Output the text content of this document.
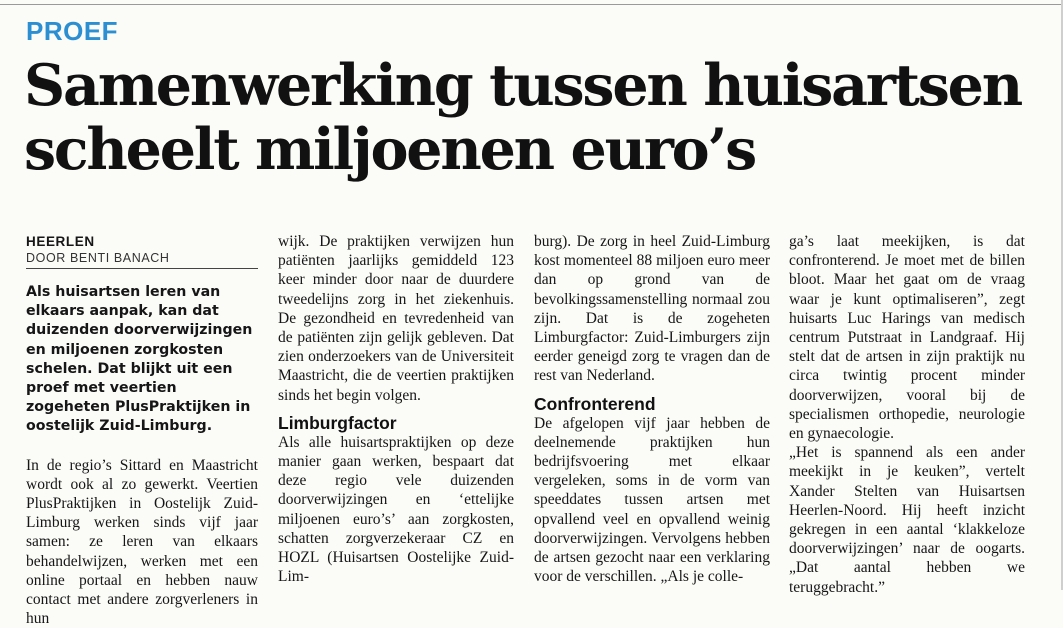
PROEF
Samenwerking tussen huisartsen
scheelt miljoenen euro’s
HEERLEN
DOOR BENTI BANACH

Als huisartsen leren van elkaars aanpak, kan dat duizenden doorverwijzingen en miljoenen zorgkosten schelen. Dat blijkt uit een proef met veertien zogeheten PlusPraktijken in oostelijk Zuid-Limburg.

In de regio’s Sittard en Maastricht wordt ook al zo gewerkt. Veertien PlusPraktijken in Oostelijk Zuid-Limburg werken sinds vijf jaar samen: ze leren van elkaars behandelwijzen, werken met een online portaal en hebben nauw contact met andere zorgverleners in hun

wijk. De praktijken verwijzen hun patiënten jaarlijks gemiddeld 123 keer minder door naar de duurdere tweedelijns zorg in het ziekenhuis. De gezondheid en tevredenheid van de patiënten zijn gelijk gebleven. Dat zien onderzoekers van de Universiteit Maastricht, die de veertien praktijken sinds het begin volgen.

Limburgfactor

Als alle huisartspraktijken op deze manier gaan werken, bespaart dat deze regio vele duizenden doorverwijzingen en ‘ettelijke miljoenen euro’s’ aan zorgkosten, schatten zorgverzekeraar CZ en HOZL (Huisartsen Oostelijke Zuid-Lim-

burg). De zorg in heel Zuid-Limburg kost momenteel 88 miljoen euro meer dan op grond van de bevolkingssamenstelling normaal zou zijn. Dat is de zogeheten Limburgfactor: Zuid-Limburgers zijn eerder geneigd zorg te vragen dan de rest van Nederland.

Confronterend

De afgelopen vijf jaar hebben de deelnemende praktijken hun bedrijfsvoering met elkaar vergeleken, soms in de vorm van speeddates tussen artsen met opvallend veel en opvallend weinig doorverwijzingen. Vervolgens hebben de artsen gezocht naar een verklaring voor de verschillen. „Als je colle-

ga’s laat meekijken, is dat confronterend. Je moet met de billen bloot. Maar het gaat om de vraag waar je kunt optimaliseren”, zegt huisarts Luc Harings van medisch centrum Putstraat in Landgraaf. Hij stelt dat de artsen in zijn praktijk nu circa twintig procent minder doorverwijzen, vooral bij de specialismen orthopedie, neurologie en gynaecologie.

„Het is spannend als een ander meekijkt in je keuken”, vertelt Xander Stelten van Huisartsen Heerlen-Noord. Hij heeft inzicht gekregen in een aantal ‘klakkeloze doorverwijzingen’ naar de oogarts. „Dat aantal hebben we teruggebracht.”
